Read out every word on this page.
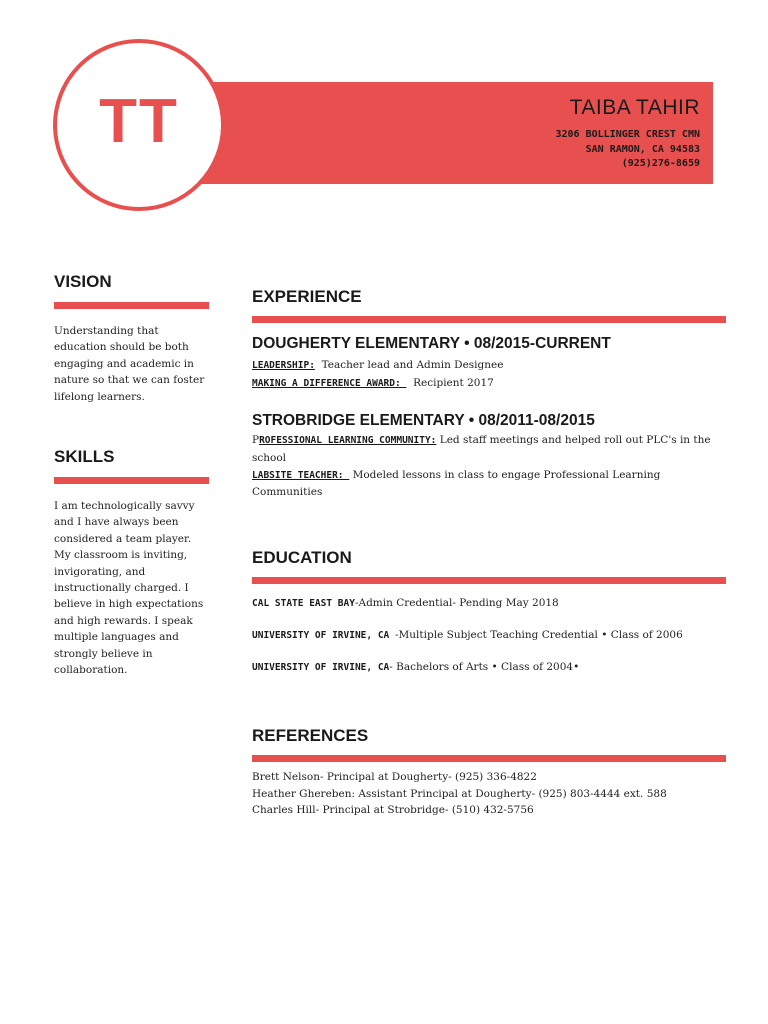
TT	TAIBA TAHIR
3206 BOLLINGER CREST CMN
SAN RAMON, CA 94583
(925)276-8659
VISION

Understanding that education should be both engaging and academic in nature so that we can foster lifelong learners.

SKILLS

I am technologically savvy and I have always been considered a team player. My classroom is inviting, invigorating, and instructionally charged. I believe in high expectations and high rewards. I speak multiple languages and strongly believe in collaboration.

EXPERIENCE
DOUGHERTY ELEMENTARY • 08/2015-CURRENT
LEADERSHIP:  Teacher lead and Admin Designee
MAKING A DIFFERENCE AWARD:   Recipient 2017
STROBRIDGE ELEMENTARY • 08/2011-08/2015
PROFESSIONAL LEARNING COMMUNITY: Led staff meetings and helped roll out PLC's in the school
LABSITE TEACHER:  Modeled lessons in class to engage Professional Learning Communities
EDUCATION
CAL STATE EAST BAY-Admin Credential- Pending May 2018
UNIVERSITY OF IRVINE, CA -Multiple Subject Teaching Credential • Class of 2006
UNIVERSITY OF IRVINE, CA- Bachelors of Arts • Class of 2004•
REFERENCES
Brett Nelson- Principal at Dougherty- (925) 336-4822
Heather Ghereben: Assistant Principal at Dougherty- (925) 803-4444 ext. 588
Charles Hill- Principal at Strobridge- (510) 432-5756
